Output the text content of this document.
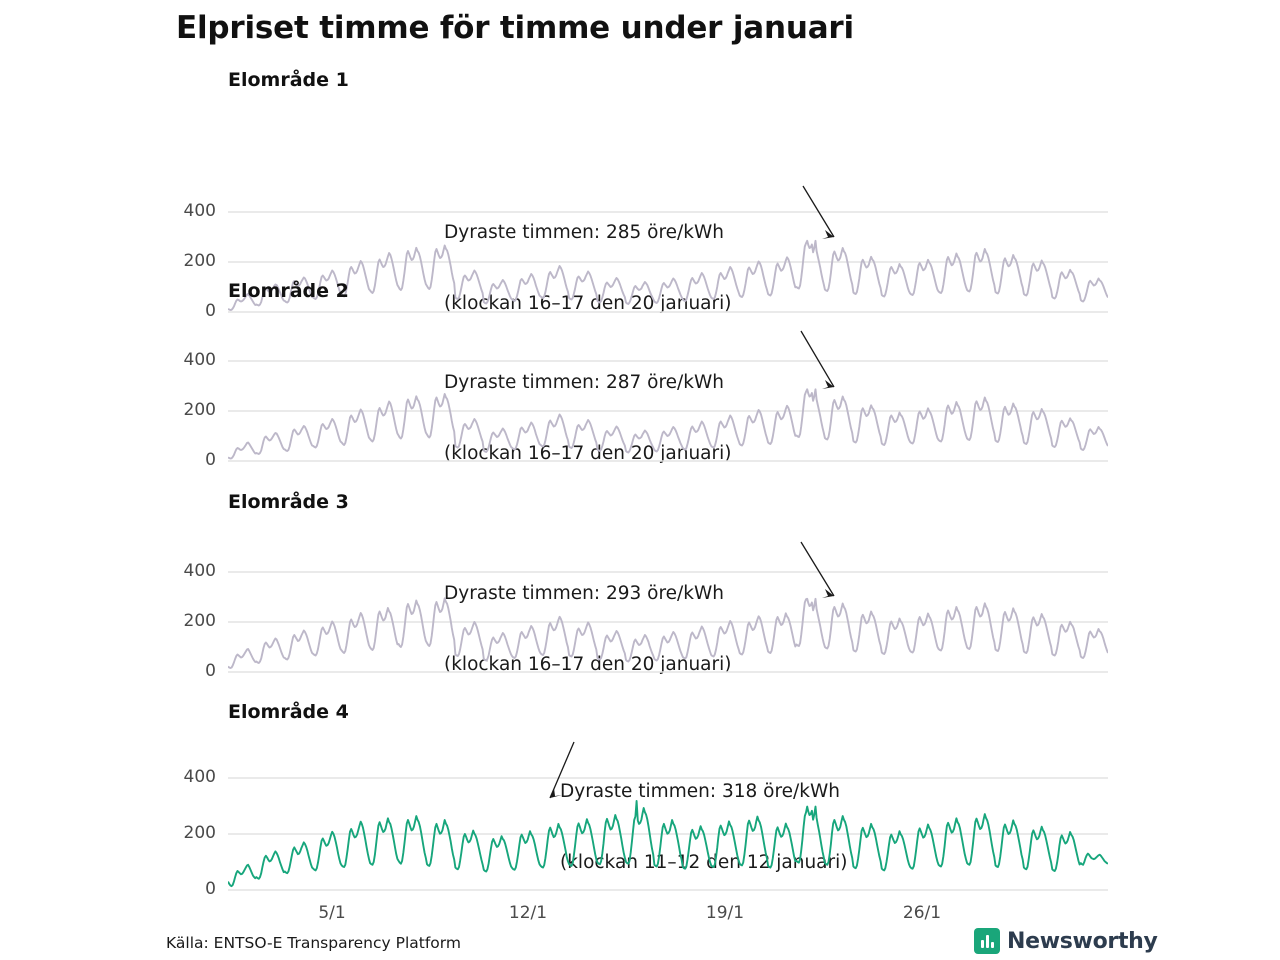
Elpriset timme för timme under januari
Elområde 1

Dyraste timmen: 285 öre/kWh

(klockan 16–17 den 20 januari)

400
200
0
Elområde 2

Dyraste timmen: 287 öre/kWh

(klockan 16–17 den 20 januari)

400
200
0
Elområde 3

Dyraste timmen: 293 öre/kWh

(klockan 16–17 den 20 januari)

400
200
0
Elområde 4

Dyraste timmen: 318 öre/kWh

(klockan 11–12 den 12 januari)

400
200
0
5/1	12/1	19/1	26/1
Källa: ENTSO-E Transparency Platform	Newsworthy
